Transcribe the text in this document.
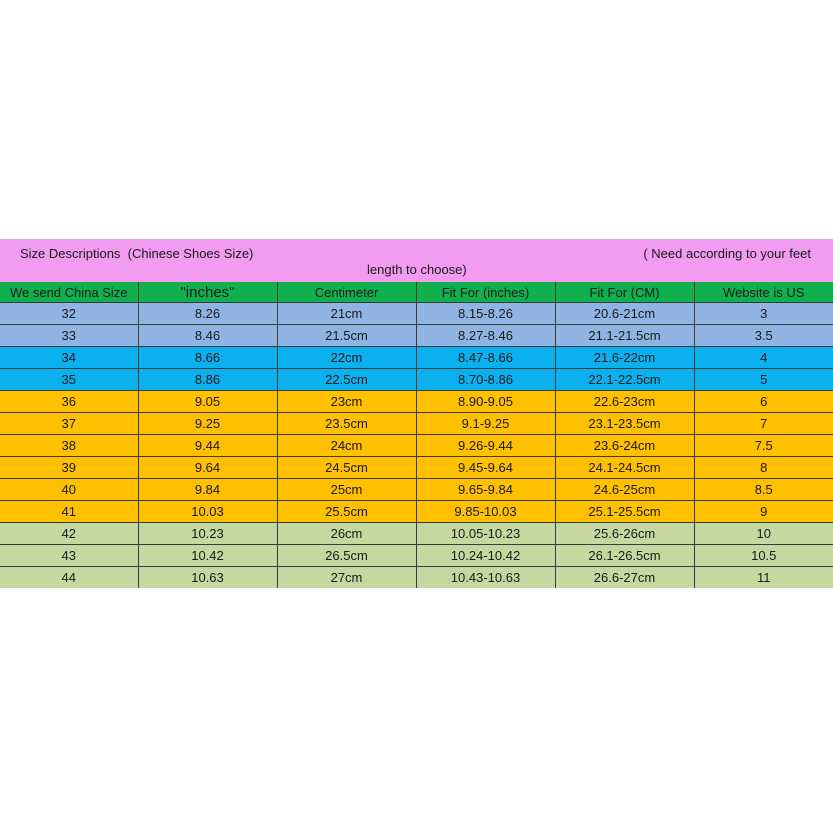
Size Descriptions  (Chinese Shoes Size)	( Need according to your feet
length to choose)
We send China Size	"inches"	Centimeter	Fit For (inches)	Fit For (CM)	Website is US
32	8.26	21cm	8.15-8.26	20.6-21cm	3
33	8.46	21.5cm	8.27-8.46	21.1-21.5cm	3.5
34	8.66	22cm	8.47-8.66	21.6-22cm	4
35	8.86	22.5cm	8.70-8.86	22.1-22.5cm	5
36	9.05	23cm	8.90-9.05	22.6-23cm	6
37	9.25	23.5cm	9.1-9.25	23.1-23.5cm	7
38	9.44	24cm	9.26-9.44	23.6-24cm	7.5
39	9.64	24.5cm	9.45-9.64	24.1-24.5cm	8
40	9.84	25cm	9.65-9.84	24.6-25cm	8.5
41	10.03	25.5cm	9.85-10.03	25.1-25.5cm	9
42	10.23	26cm	10.05-10.23	25.6-26cm	10
43	10.42	26.5cm	10.24-10.42	26.1-26.5cm	10.5
44	10.63	27cm	10.43-10.63	26.6-27cm	11
